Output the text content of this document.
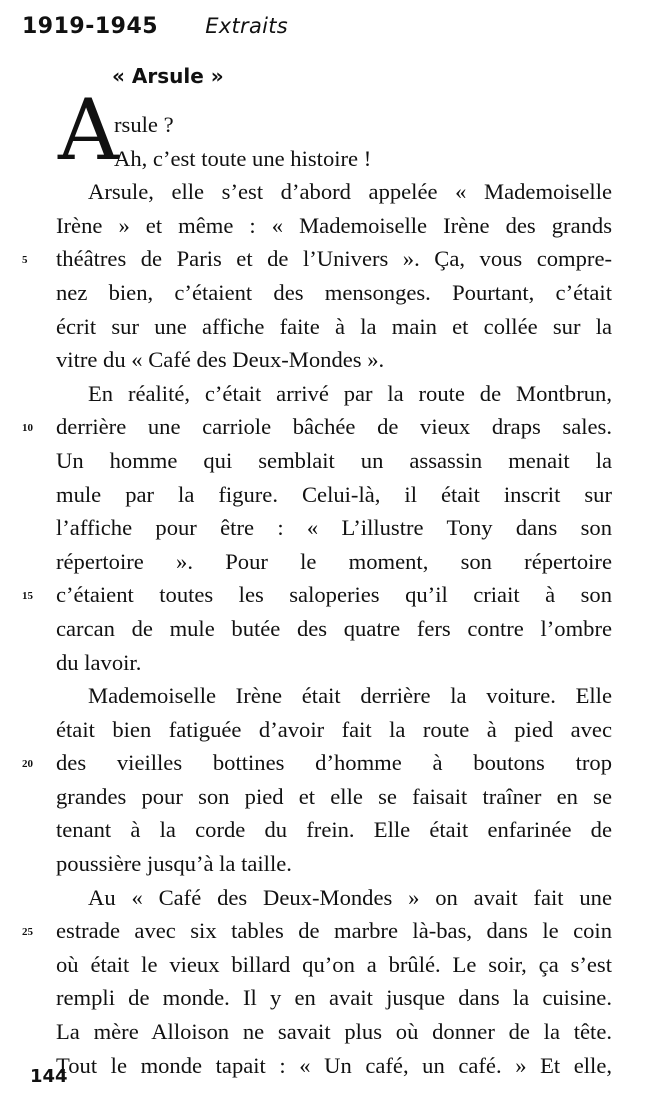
1919-1945 Extraits
« Arsule »
A
rsule ?
Ah, c’est toute une histoire !
Arsule, elle s’est d’abord appelée « Mademoiselle
Irène » et même : « Mademoiselle Irène des grands
5	théâtres de Paris et de l’Univers ». Ça, vous compre-
nez bien, c’étaient des mensonges. Pourtant, c’était
écrit sur une affiche faite à la main et collée sur la
vitre du « Café des Deux-Mondes ».
En réalité, c’était arrivé par la route de Montbrun,
10	derrière une carriole bâchée de vieux draps sales.
Un homme qui semblait un assassin menait la
mule par la figure. Celui-là, il était inscrit sur
l’affiche pour être : « L’illustre Tony dans son
répertoire ». Pour le moment, son répertoire
15	c’étaient toutes les saloperies qu’il criait à son
carcan de mule butée des quatre fers contre l’ombre
du lavoir.
Mademoiselle Irène était derrière la voiture. Elle
était bien fatiguée d’avoir fait la route à pied avec
20	des vieilles bottines d’homme à boutons trop
grandes pour son pied et elle se faisait traîner en se
tenant à la corde du frein. Elle était enfarinée de
poussière jusqu’à la taille.
Au « Café des Deux-Mondes » on avait fait une
25	estrade avec six tables de marbre là-bas, dans le coin
où était le vieux billard qu’on a brûlé. Le soir, ça s’est
rempli de monde. Il y en avait jusque dans la cuisine.
La mère Alloison ne savait plus où donner de la tête.
Tout le monde tapait : « Un café, un café. » Et elle,
144
